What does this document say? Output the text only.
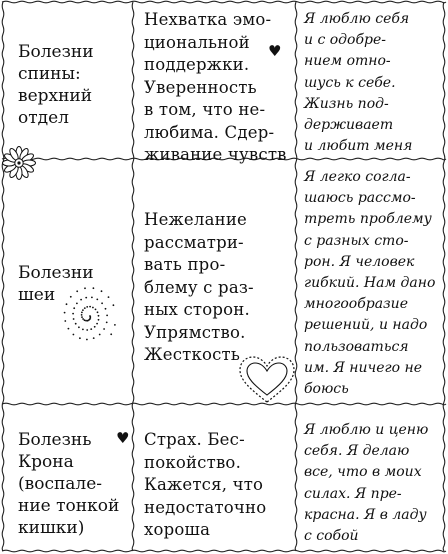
Болезни
спины:
верхний
отдел
Нехватка эмо-
циональной
поддержки.
Уверенность
в том, что не-
любима. Сдер-
живание чувств
Я люблю себя
и с одобре-
нием отно-
шусь к себе.
Жизнь под-
держивает
и любит меня
♥
Болезни
шеи
Нежелание
рассматри-
вать про-
блему с раз-
ных сторон.
Упрямство.
Жесткость
Я легко согла-
шаюсь рассмо-
треть проблему
с разных сто-
рон. Я человек
гибкий. Нам дано
многообразие
решений, и надо
пользоваться
им. Я ничего не
боюсь
Болезнь
Крона
(воспале-
ние тонкой
кишки)
♥ Страх. Бес-
покойство.
Кажется, что
недостаточно
хороша
Я люблю и ценю
себя. Я делаю
все, что в моих
силах. Я пре-
красна. Я в ладу
с собой
